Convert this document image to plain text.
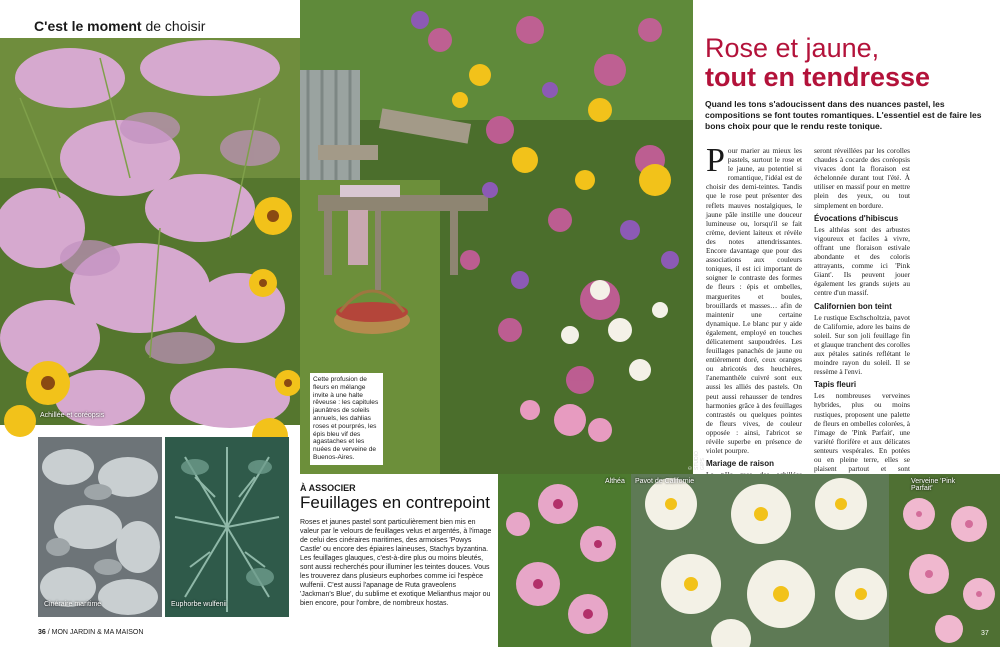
C'est le moment de choisir
Achillée et coréopsis
Cinéraire maritime	Euphorbe wulfenii
© STUDIO GIPS
Cette profusion de fleurs en mélange invite à une halte rêveuse : les capitules jaunâtres de soleils annuels, les dahlias roses et pourprés, les épis bleu vif des agastaches et les nuées de verveine de Buenos-Aires.
À ASSOCIER
Feuillages en contrepoint
Roses et jaunes pastel sont particulièrement bien mis en valeur par le velours de feuillages velus et argentés, à l'image de celui des cinéraires maritimes, des armoises 'Powys Castle' ou encore des épiaires laineuses, Stachys byzantina. Les feuillages glauques, c'est-à-dire plus ou moins bleutés, sont aussi recherchés pour illuminer les teintes douces. Vous les trouverez dans plusieurs euphorbes comme ici l'espèce wulfenii. C'est aussi l'apanage de Ruta graveolens 'Jackman's Blue', du sublime et exotique Melianthus major ou bien encore, pour l'ombre, de nombreux hostas.
36 / MON JARDIN & MA MAISON
Rose et jaune,
tout en tendresse
Quand les tons s'adoucissent dans des nuances pastel, les compositions se font toutes romantiques. L'essentiel est de faire les bons choix pour que le rendu reste tonique.

Pour marier au mieux les pastels, surtout le rose et le jaune, au potentiel si romantique, l'idéal est de choisir des demi-teintes. Tandis que le rose peut présenter des reflets mauves nostalgiques, le jaune pâle instille une douceur lumineuse ou, lorsqu'il se fait crème, devient laiteux et révèle des notes attendrissantes. Encore davantage que pour des associations aux couleurs toniques, il est ici important de soigner le contraste des formes de fleurs : épis et ombelles, marguerites et boules, brouillards et masses… afin de maintenir une certaine dynamique. Le blanc pur y aide également, employé en touches délicatement saupoudrées. Les feuillages panachés de jaune ou entièrement doré, ceux oranges ou abricotés des heuchères, l'anemanthèle cuivré sont eux aussi les alliés des pastels. On peut aussi rehausser de tendres harmonies grâce à des feuillages contrastés ou quelques pointes de fleurs vives, de couleur opposée : ainsi, l'abricot se révèle superbe en présence de violet pourpre.

Mariage de raison

seront réveillées par les corolles chaudes à cocarde des coréopsis vivaces dont la floraison est échelonnée durant tout l'été. À utiliser en massif pour en mettre plein des yeux, ou tout simplement en bordure.

Évocations d'hibiscus

Les althéas sont des arbustes vigoureux et faciles à vivre, offrant une floraison estivale abondante et des coloris attrayants, comme ici 'Pink Giant'. Ils peuvent jouer également les grands sujets au centre d'un massif.

Californien bon teint

Le rustique Eschscholtzia, pavot de Californie, adore les bains de soleil. Sur son joli feuillage fin et glauque tranchent des corolles aux pétales satinés reflétant le moindre rayon du soleil. Il se ressème à l'envi.

Tapis fleuri

Les nombreuses verveines hybrides, plus ou moins rustiques, proposent une palette de fleurs en ombelles colorées, à l'image de 'Pink Parfait', une variété florifère et aux délicates senteurs vespérales. En potées ou en pleine terre, elles se plaisent partout et sont

Althéa Pavot de Californie	Verveine 'Pink Parfait'
37
